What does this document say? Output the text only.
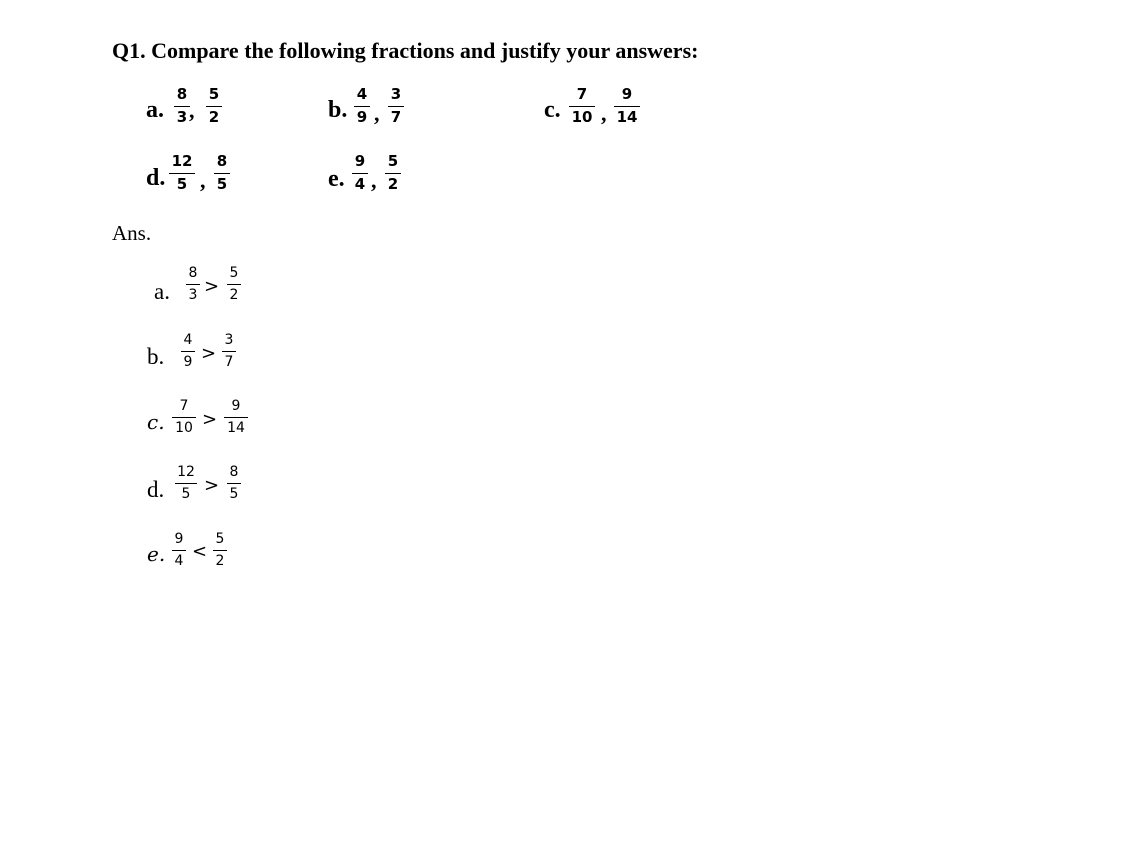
Q1. Compare the following fractions and justify your answers:
a.
8
3 ,
5
2	b.
4
9 ,
3
7	c.
7
10 ,
9
14
d.
12
5 ,
8
5	e.
9
4 ,
5
2
Ans.
a.
8
3 >
5
2
b.
4
9 >
3
7
c.
7
10 >
9
14
d.
12
5 >
8
5
e.
9
4 <
5
2
